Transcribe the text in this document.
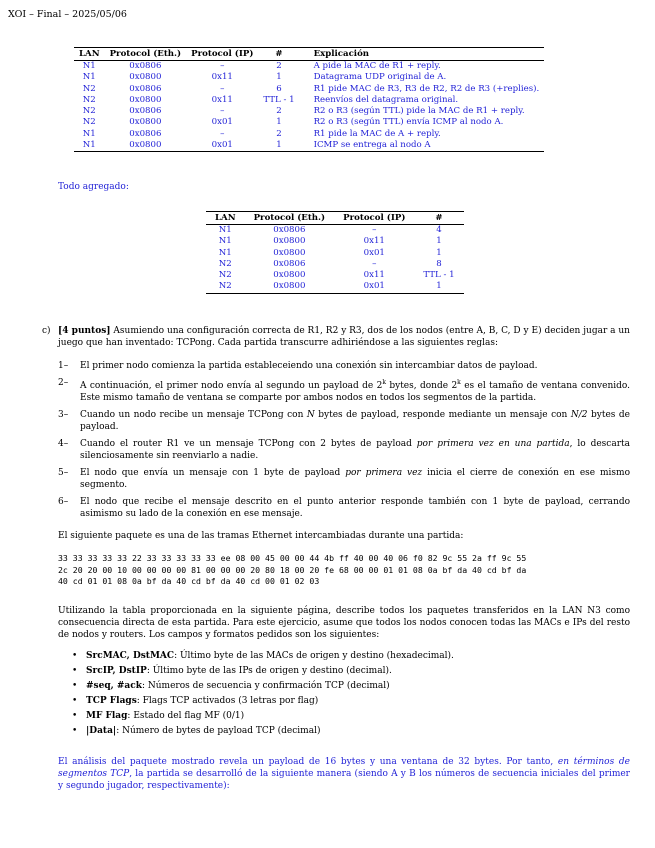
XOI – Final – 2025/05/06
LAN	Protocol (Eth.)	Protocol (IP)	#	Explicación
N1	0x0806	–	2	A pide la MAC de R1 + reply.
N1	0x0800	0x11	1	Datagrama UDP original de A.
N2	0x0806	–	6	R1 pide MAC de R3, R3 de R2, R2 de R3 (+replies).
N2	0x0800	0x11	TTL - 1	Reenvíos del datagrama original.
N2	0x0806	–	2	R2 o R3 (según TTL) pide la MAC de R1 + reply.
N2	0x0800	0x01	1	R2 o R3 (según TTL) envía ICMP al nodo A.
N1	0x0806	–	2	R1 pide la MAC de A + reply.
N1	0x0800	0x01	1	ICMP se entrega al nodo A
Todo agregado:
LAN	Protocol (Eth.)	Protocol (IP)	#
N1	0x0806	–	4
N1	0x0800	0x11	1
N1	0x0800	0x01	1
N2	0x0806	–	8
N2	0x0800	0x11	TTL - 1
N2	0x0800	0x01	1
c) [4 puntos] Asumiendo una configuración correcta de R1, R2 y R3, dos de los nodos (entre A, B, C, D y E) deciden jugar a un juego que han inventado: TCPong. Cada partida transcurre adhiriéndose a las siguientes reglas:
1– El primer nodo comienza la partida estableceiendo una conexión sin intercambiar datos de payload.
2– A continuación, el primer nodo envía al segundo un payload de 2$^k$ bytes, donde 2$^k$ es el tamaño de ventana convenido. Este mismo tamaño de ventana se comparte por ambos nodos en todos los segmentos de la partida.
3– Cuando un nodo recibe un mensaje TCPong con N bytes de payload, responde mediante un mensaje con N/2 bytes de payload.
4– Cuando el router R1 ve un mensaje TCPong con 2 bytes de payload por primera vez en una partida, lo descarta silenciosamente sin reenviarlo a nadie.
5– El nodo que envía un mensaje con 1 byte de payload por primera vez inicia el cierre de conexión en ese mismo segmento.
6– El nodo que recibe el mensaje descrito en el punto anterior responde también con 1 byte de payload, cerrando asimismo su lado de la conexión en ese mensaje.
El siguiente paquete es una de las tramas Ethernet intercambiadas durante una partida:
33 33 33 33 33 22 33 33 33 33 33 ee 08 00 45 00 00 44 4b ff 40 00 40 06 f0 82 9c 55 2a ff 9c 55
2c 20 20 00 10 00 00 00 00 81 00 00 00 20 80 18 00 20 fe 68 00 00 01 01 08 0a bf da 40 cd bf da
40 cd 01 01 08 0a bf da 40 cd bf da 40 cd 00 01 02 03
Utilizando la tabla proporcionada en la siguiente página, describe todos los paquetes transferidos en la LAN N3 como consecuencia directa de esta partida. Para este ejercicio, asume que todos los nodos conocen todas las MACs e IPs del resto de nodos y routers. Los campos y formatos pedidos son los siguientes:
• SrcMAC, DstMAC: Último byte de las MACs de origen y destino (hexadecimal).
• SrcIP, DstIP: Último byte de las IPs de origen y destino (decimal).
• #seq, #ack: Números de secuencia y confirmación TCP (decimal)
• TCP Flags: Flags TCP activados (3 letras por flag)
• MF Flag: Estado del flag MF (0/1)
• |Data|: Número de bytes de payload TCP (decimal)
El análisis del paquete mostrado revela un payload de 16 bytes y una ventana de 32 bytes. Por tanto, en términos de segmentos TCP, la partida se desarrolló de la siguiente manera (siendo A y B los números de secuencia iniciales del primer y segundo jugador, respectivamente):
